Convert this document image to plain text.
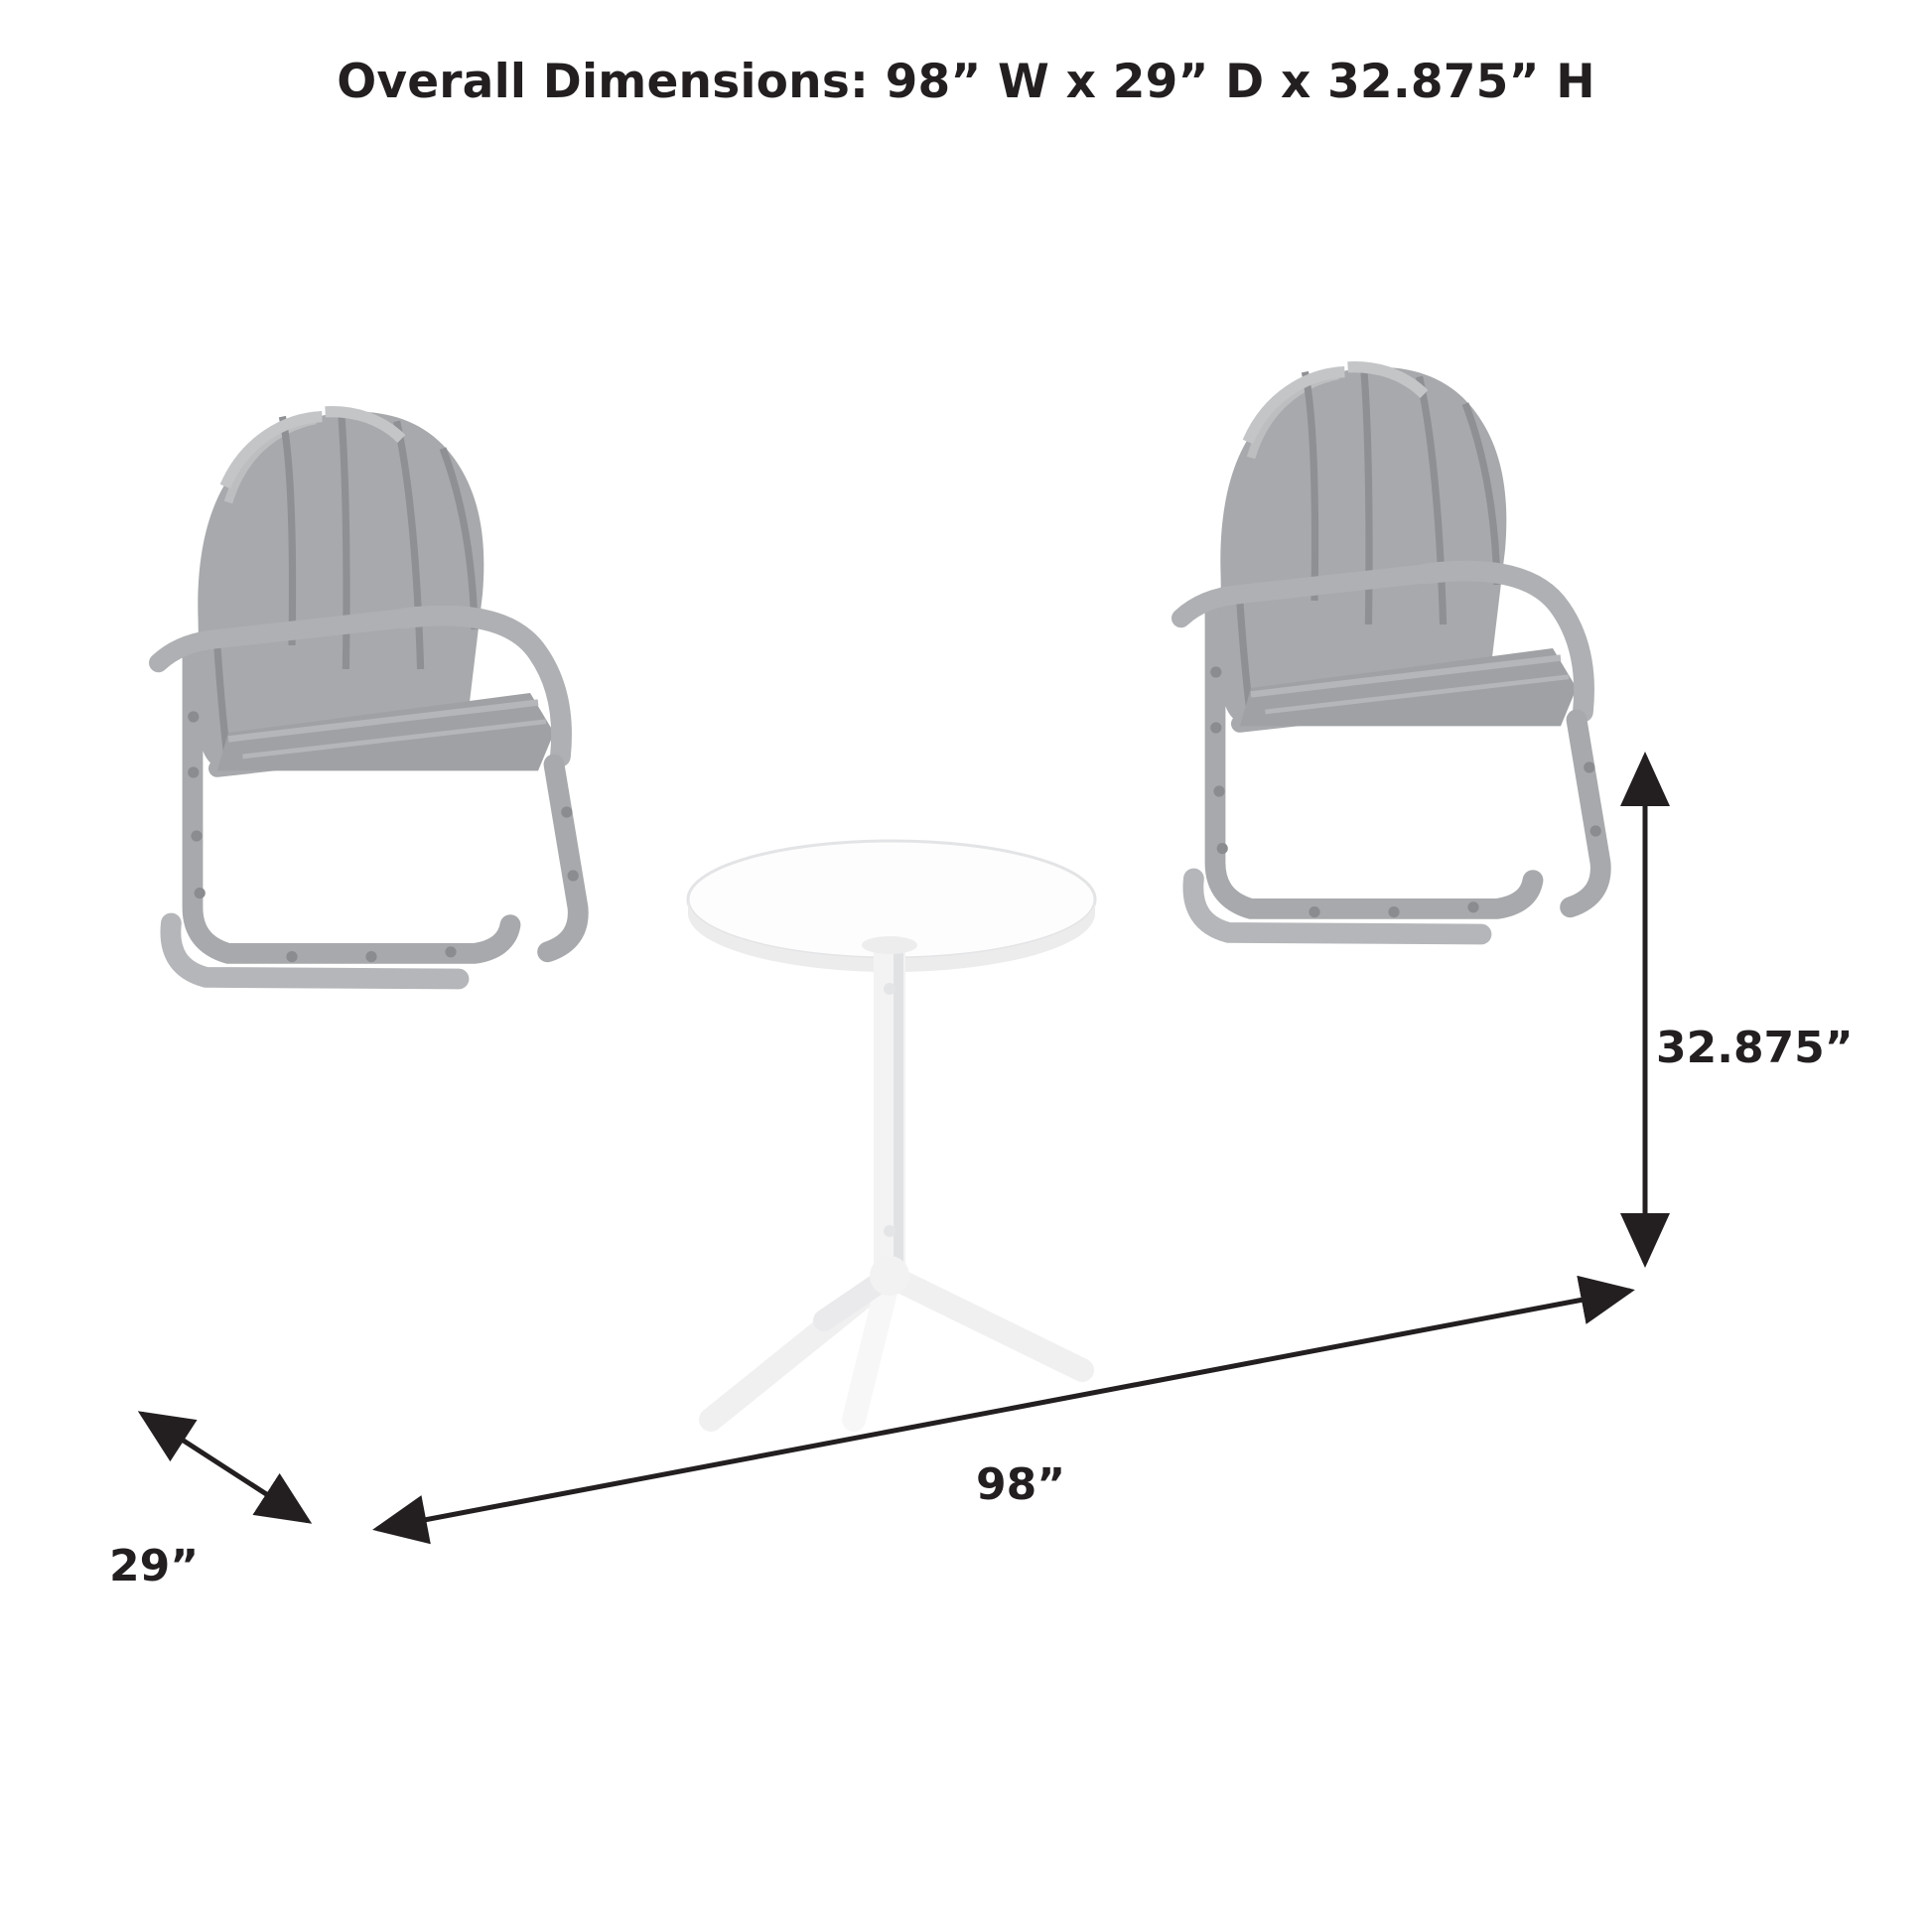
Overall Dimensions: 98” W x 29” D x 32.875” H
32.875”
98”
29”
